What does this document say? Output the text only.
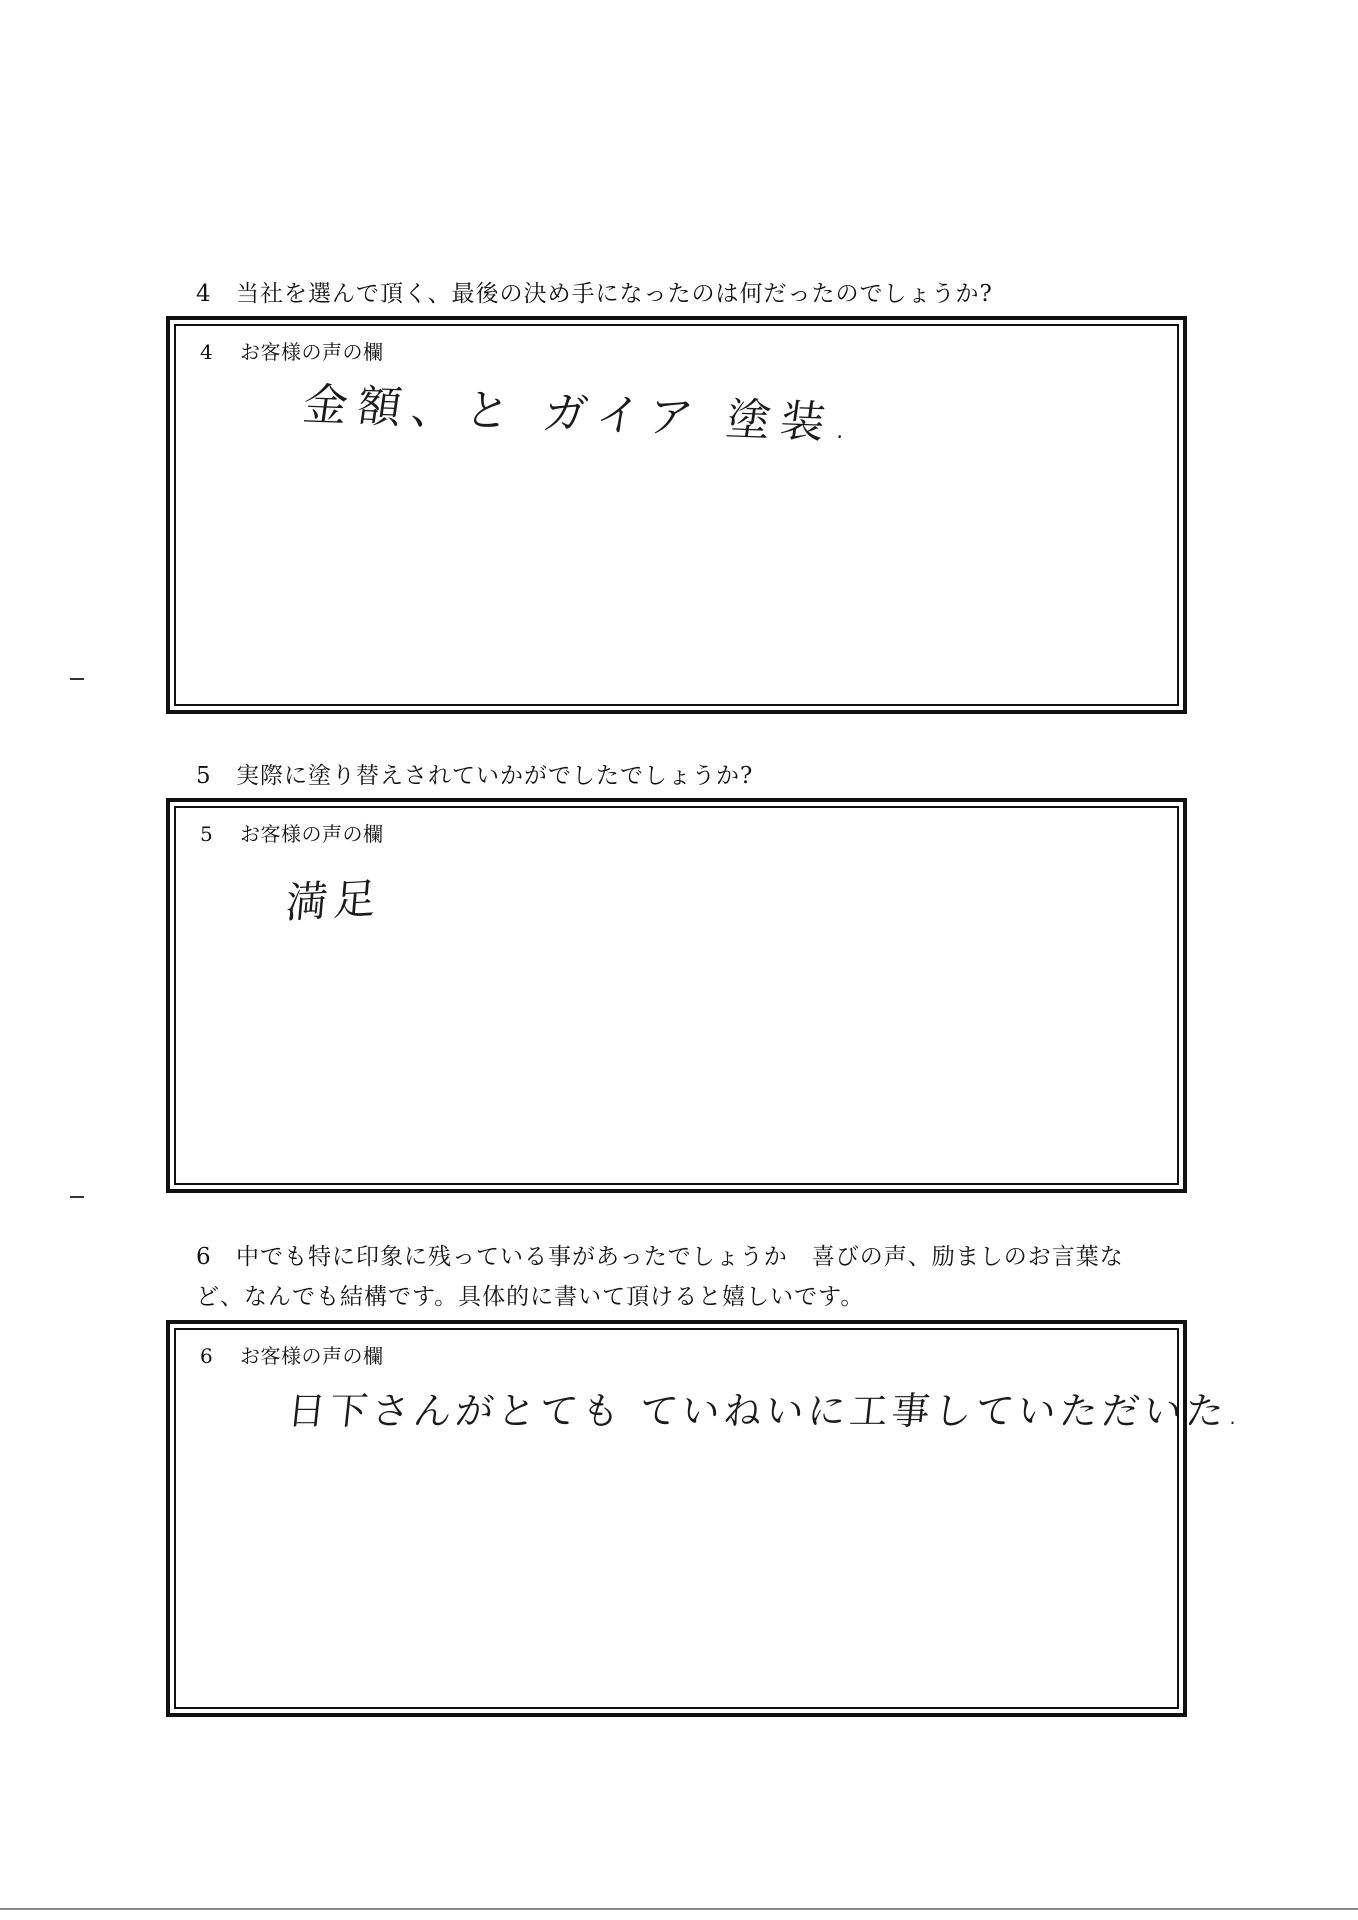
4 当社を選んで頂く、最後の決め手になったのは何だったのでしょうか?
4 お客様の声の欄
金額、と ガイア 塗装.
5 実際に塗り替えされていかがでしたでしょうか?
5 お客様の声の欄
満足
6 中でも特に印象に残っている事があったでしょうか　喜びの声、励ましのお言葉な
ど、なんでも結構です。具体的に書いて頂けると嬉しいです。
6 お客様の声の欄
日下さんがとても ていねいに工事していただいた.
